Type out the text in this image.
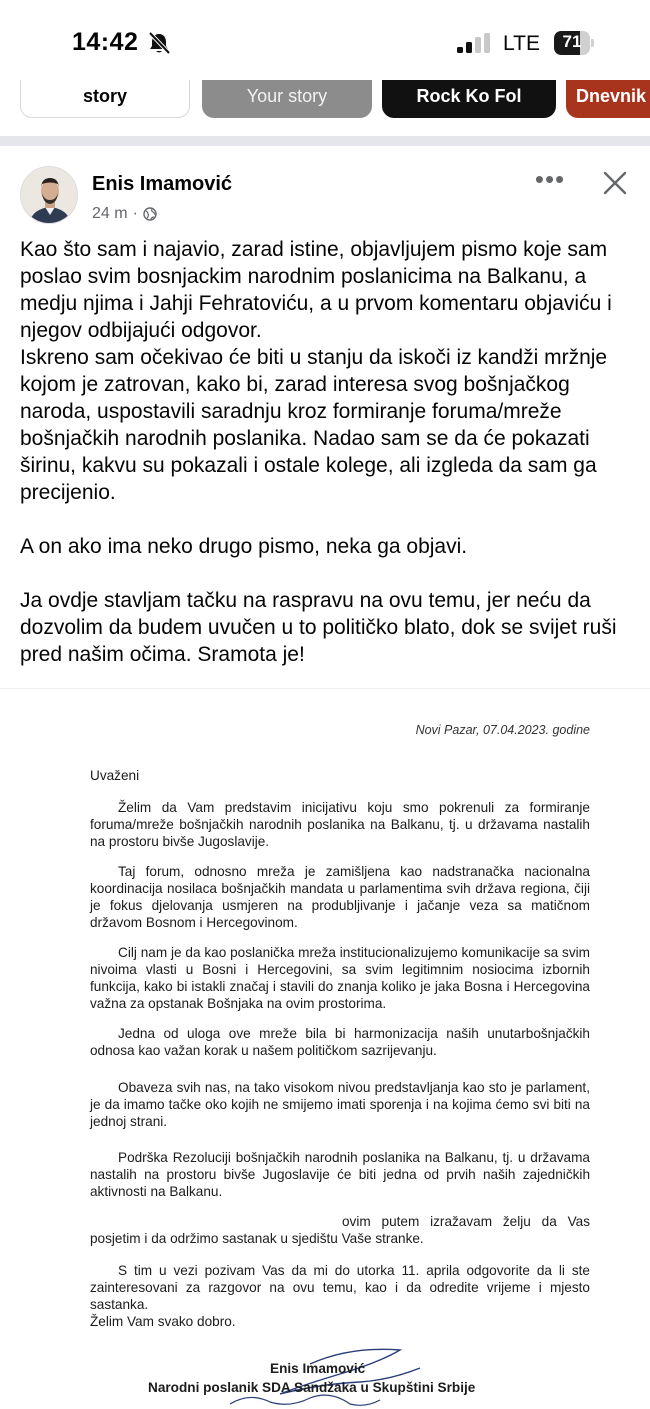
14:42	LTE	71
story	Your story	Rock Ko Fol	Dnevnik
Enis Imamović
24 m ·
•••

Kao što sam i najavio, zarad istine, objavljujem pismo koje sam poslao svim bosnjackim narodnim poslanicima na Balkanu, a medju njima i Jahji Fehratoviću, a u prvom komentaru objaviću i njegov odbijajući odgovor.

Iskreno sam očekivao će biti u stanju da iskoči iz kandži mržnje kojom je zatrovan, kako bi, zarad interesa svog bošnjačkog naroda, uspostavili saradnju kroz formiranje foruma/mreže bošnjačkih narodnih poslanika. Nadao sam se da će pokazati širinu, kakvu su pokazali i ostale kolege, ali izgleda da sam ga precijenio.

A on ako ima neko drugo pismo, neka ga objavi.

Ja ovdje stavljam tačku na raspravu na ovu temu, jer neću da dozvolim da budem uvučen u to političko blato, dok se svijet ruši pred našim očima. Sramota je!

Novi Pazar, 07.04.2023. godine
Uvaženi
Želim da Vam predstavim inicijativu koju smo pokrenuli za formiranje foruma/mreže bošnjačkih narodnih poslanika na Balkanu, tj. u državama nastalih na prostoru bivše Jugoslavije.
Taj forum, odnosno mreža je zamišljena kao nadstranačka nacionalna koordinacija nosilaca bošnjačkih mandata u parlamentima svih država regiona, čiji je fokus djelovanja usmjeren na produbljivanje i jačanje veza sa matičnom državom Bosnom i Hercegovinom.
Cilj nam je da kao poslanička mreža institucionalizujemo komunikacije sa svim nivoima vlasti u Bosni i Hercegovini, sa svim legitimnim nosiocima izbornih funkcija, kako bi istakli značaj i stavili do znanja koliko je jaka Bosna i Hercegovina važna za opstanak Bošnjaka na ovim prostorima.
Jedna od uloga ove mreže bila bi harmonizacija naših unutarbošnjačkih odnosa kao važan korak u našem političkom sazrijevanju.
Obaveza svih nas, na tako visokom nivou predstavljanja kao sto je parlament, je da imamo tačke oko kojih ne smijemo imati sporenja i na kojima ćemo svi biti na jednoj strani.
Podrška Rezoluciji bošnjačkih narodnih poslanika na Balkanu, tj. u državama nastalih na prostoru bivše Jugoslavije će biti jedna od prvih naših zajedničkih aktivnosti na Balkanu.
ovim putem izražavam želju da Vas posjetim i da održimo sastanak u sjedištu Vaše stranke.
S tim u vezi pozivam Vas da mi do utorka 11. aprila odgovorite da li ste zainteresovani za razgovor na ovu temu, kao i da odredite vrijeme i mjesto sastanka.
Želim Vam svako dobro.
Enis Imamović
Narodni poslanik SDA Sandžaka u Skupštini Srbije
